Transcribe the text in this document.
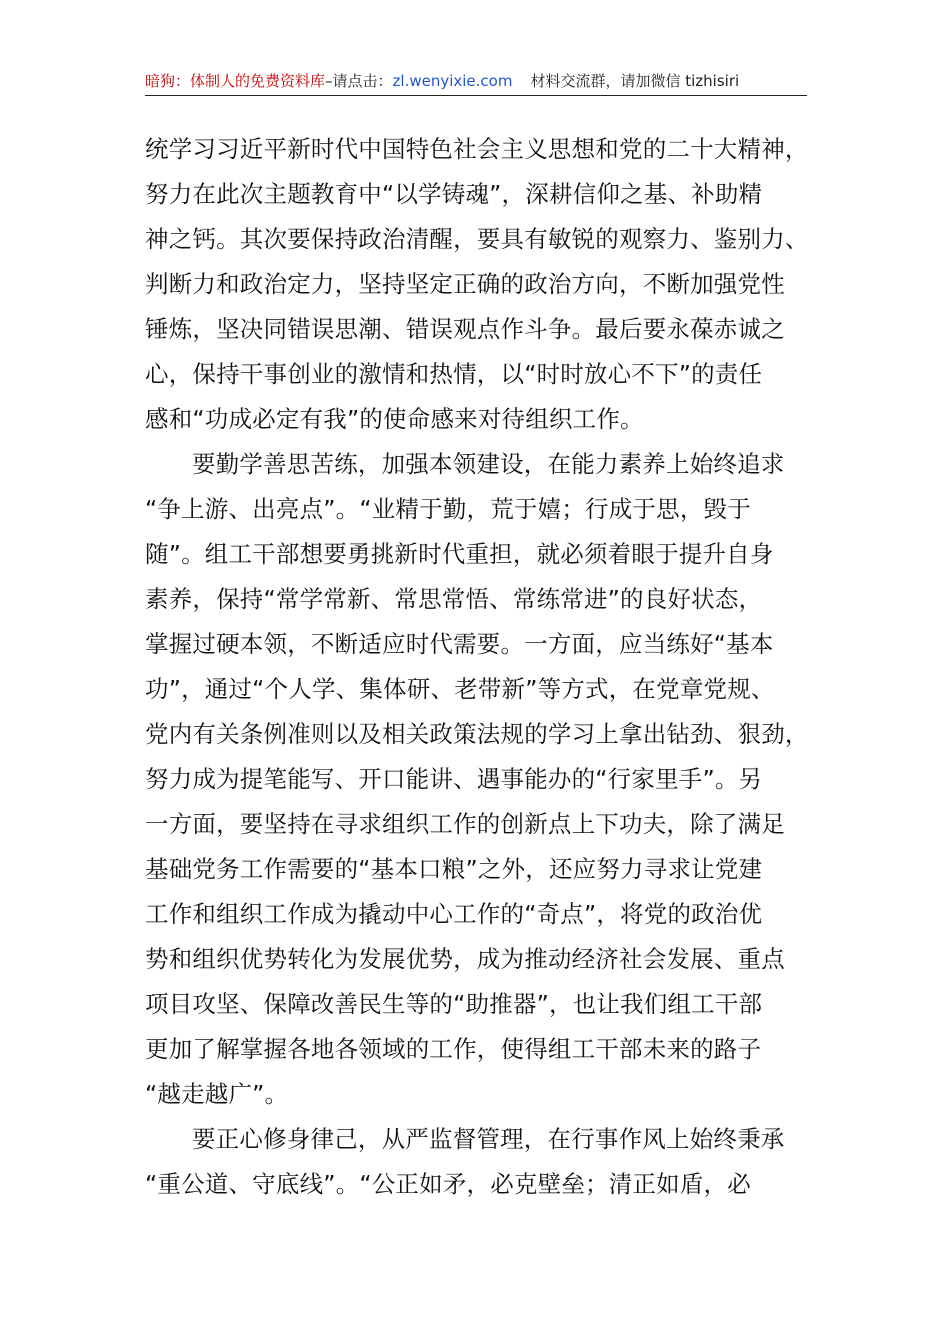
暗狗：体制人的免费资料库–请点击：zl.wenyixie.com 材料交流群，请加微信 tizhisiri
统学习习近平新时代中国特色社会主义思想和党的二十大精神，
努力在此次主题教育中“以学铸魂”，深耕信仰之基、补助精
神之钙。其次要保持政治清醒，要具有敏锐的观察力、鉴别力、
判断力和政治定力，坚持坚定正确的政治方向，不断加强党性
锤炼，坚决同错误思潮、错误观点作斗争。最后要永葆赤诚之
心，保持干事创业的激情和热情，以“时时放心不下”的责任
感和“功成必定有我”的使命感来对待组织工作。
要勤学善思苦练，加强本领建设，在能力素养上始终追求
“争上游、出亮点”。“业精于勤，荒于嬉；行成于思，毁于
随”。组工干部想要勇挑新时代重担，就必须着眼于提升自身
素养，保持“常学常新、常思常悟、常练常进”的良好状态，
掌握过硬本领，不断适应时代需要。一方面，应当练好“基本
功”，通过“个人学、集体研、老带新”等方式，在党章党规、
党内有关条例准则以及相关政策法规的学习上拿出钻劲、狠劲，
努力成为提笔能写、开口能讲、遇事能办的“行家里手”。另
一方面，要坚持在寻求组织工作的创新点上下功夫，除了满足
基础党务工作需要的“基本口粮”之外，还应努力寻求让党建
工作和组织工作成为撬动中心工作的“奇点”，将党的政治优
势和组织优势转化为发展优势，成为推动经济社会发展、重点
项目攻坚、保障改善民生等的“助推器”，也让我们组工干部
更加了解掌握各地各领域的工作，使得组工干部未来的路子
“越走越广”。
要正心修身律己，从严监督管理，在行事作风上始终秉承
“重公道、守底线”。“公正如矛，必克壁垒；清正如盾，必
